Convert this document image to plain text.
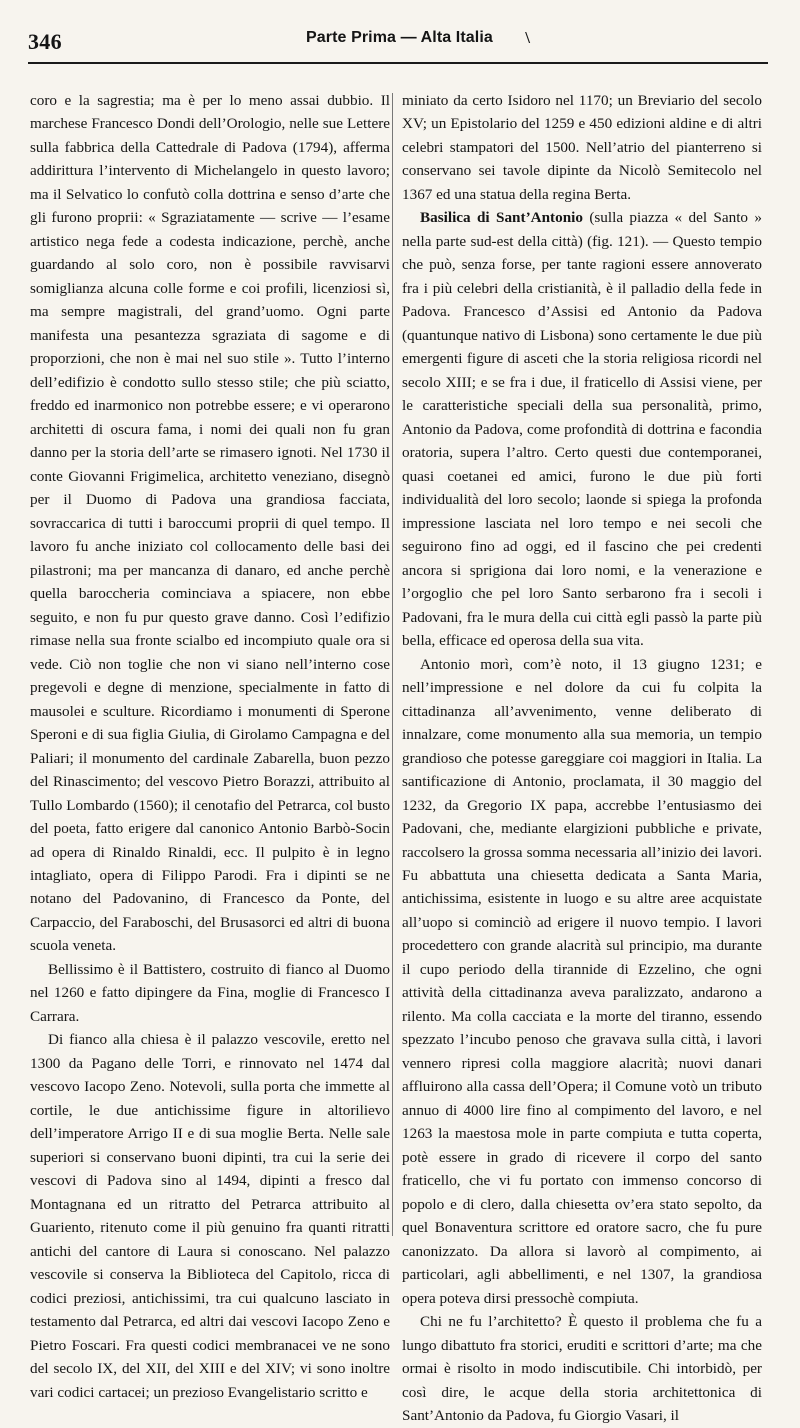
346	Parte Prima — Alta Italia \

coro e la sagrestia; ma è per lo meno assai dubbio. Il marchese Francesco Dondi dell’Orologio, nelle sue Lettere sulla fabbrica della Cattedrale di Padova (1794), afferma addirittura l’intervento di Michelangelo in questo lavoro; ma il Selvatico lo confutò colla dottrina e senso d’arte che gli furono proprii: « Sgraziatamente — scrive — l’esame artistico nega fede a codesta indicazione, perchè, anche guardando al solo coro, non è possibile ravvisarvi somiglianza alcuna colle forme e coi profili, licenziosi sì, ma sempre magistrali, del grand’uomo. Ogni parte manifesta una pesantezza sgraziata di sagome e di proporzioni, che non è mai nel suo stile ». Tutto l’interno dell’edifizio è condotto sullo stesso stile; che più sciatto, freddo ed inarmonico non potrebbe essere; e vi operarono architetti di oscura fama, i nomi dei quali non fu gran danno per la storia dell’arte se rimasero ignoti. Nel 1730 il conte Giovanni Frigimelica, architetto veneziano, disegnò per il Duomo di Padova una grandiosa facciata, sovraccarica di tutti i baroccumi proprii di quel tempo. Il lavoro fu anche iniziato col collocamento delle basi dei pilastroni; ma per mancanza di danaro, ed anche perchè quella baroccheria cominciava a spiacere, non ebbe seguito, e non fu pur questo grave danno. Così l’edifizio rimase nella sua fronte scialbo ed incompiuto quale ora si vede. Ciò non toglie che non vi siano nell’interno cose pregevoli e degne di menzione, specialmente in fatto di mausolei e sculture. Ricordiamo i monumenti di Sperone Speroni e di sua figlia Giulia, di Girolamo Campagna e del Paliari; il monumento del cardinale Zabarella, buon pezzo del Rinascimento; del vescovo Pietro Borazzi, attribuito al Tullo Lombardo (1560); il cenotafio del Petrarca, col busto del poeta, fatto erigere dal canonico Antonio Barbò-Socin ad opera di Rinaldo Rinaldi, ecc. Il pulpito è in legno intagliato, opera di Filippo Parodi. Fra i dipinti se ne notano del Padovanino, di Francesco da Ponte, del Carpaccio, del Faraboschi, del Brusasorci ed altri di buona scuola veneta.

Bellissimo è il Battistero, costruito di fianco al Duomo nel 1260 e fatto dipingere da Fina, moglie di Francesco I Carrara.

Di fianco alla chiesa è il palazzo vescovile, eretto nel 1300 da Pagano delle Torri, e rinnovato nel 1474 dal vescovo Iacopo Zeno. Notevoli, sulla porta che immette al cortile, le due antichissime figure in altorilievo dell’imperatore Arrigo II e di sua moglie Berta. Nelle sale superiori si conservano buoni dipinti, tra cui la serie dei vescovi di Padova sino al 1494, dipinti a fresco dal Montagnana ed un ritratto del Petrarca attribuito al Guariento, ritenuto come il più genuino fra quanti ritratti antichi del cantore di Laura si conoscano. Nel palazzo vescovile si conserva la Biblioteca del Capitolo, ricca di codici preziosi, antichissimi, tra cui qualcuno lasciato in testamento dal Petrarca, ed altri dai vescovi Iacopo Zeno e Pietro Foscari. Fra questi codici membranacei ve ne sono del secolo IX, del XII, del XIII e del XIV; vi sono inoltre vari codici cartacei; un prezioso Evangelistario scritto e

miniato da certo Isidoro nel 1170; un Breviario del secolo XV; un Epistolario del 1259 e 450 edizioni aldine e di altri celebri stampatori del 1500. Nell’atrio del pianterreno si conservano sei tavole dipinte da Nicolò Semitecolo nel 1367 ed una statua della regina Berta.

Basilica di Sant’Antonio (sulla piazza « del Santo » nella parte sud-est della città) (fig. 121). — Questo tempio che può, senza forse, per tante ragioni essere annoverato fra i più celebri della cristianità, è il palladio della fede in Padova. Francesco d’Assisi ed Antonio da Padova (quantunque nativo di Lisbona) sono certamente le due più emergenti figure di asceti che la storia religiosa ricordi nel secolo XIII; e se fra i due, il fraticello di Assisi viene, per le caratteristiche speciali della sua personalità, primo, Antonio da Padova, come profondità di dottrina e facondia oratoria, supera l’altro. Certo questi due contemporanei, quasi coetanei ed amici, furono le due più forti individualità del loro secolo; laonde si spiega la profonda impressione lasciata nel loro tempo e nei secoli che seguirono fino ad oggi, ed il fascino che pei credenti ancora si sprigiona dai loro nomi, e la venerazione e l’orgoglio che pel loro Santo serbarono fra i secoli i Padovani, fra le mura della cui città egli passò la parte più bella, efficace ed operosa della sua vita.

Antonio morì, com’è noto, il 13 giugno 1231; e nell’impressione e nel dolore da cui fu colpita la cittadinanza all’avvenimento, venne deliberato di innalzare, come monumento alla sua memoria, un tempio grandioso che potesse gareggiare coi maggiori in Italia. La santificazione di Antonio, proclamata, il 30 maggio del 1232, da Gregorio IX papa, accrebbe l’entusiasmo dei Padovani, che, mediante elargizioni pubbliche e private, raccolsero la grossa somma necessaria all’inizio dei lavori. Fu abbattuta una chiesetta dedicata a Santa Maria, antichissima, esistente in luogo e su altre aree acquistate all’uopo si cominciò ad erigere il nuovo tempio. I lavori procedettero con grande alacrità sul principio, ma durante il cupo periodo della tirannide di Ezzelino, che ogni attività della cittadinanza aveva paralizzato, andarono a rilento. Ma colla cacciata e la morte del tiranno, essendo spezzato l’incubo penoso che gravava sulla città, i lavori vennero ripresi colla maggiore alacrità; nuovi danari affluirono alla cassa dell’Opera; il Comune votò un tributo annuo di 4000 lire fino al compimento del lavoro, e nel 1263 la maestosa mole in parte compiuta e tutta coperta, potè essere in grado di ricevere il corpo del santo fraticello, che vi fu portato con immenso concorso di popolo e di clero, dalla chiesetta ov’era stato sepolto, da quel Bonaventura scrittore ed oratore sacro, che fu pure canonizzato. Da allora si lavorò al compimento, ai particolari, agli abbellimenti, e nel 1307, la grandiosa opera poteva dirsi pressochè compiuta.

Chi ne fu l’architetto? È questo il problema che fu a lungo dibattuto fra storici, eruditi e scrittori d’arte; ma che ormai è risolto in modo indiscutibile. Chi intorbidò, per così dire, le acque della storia architettonica di Sant’Antonio da Padova, fu Giorgio Vasari, il
